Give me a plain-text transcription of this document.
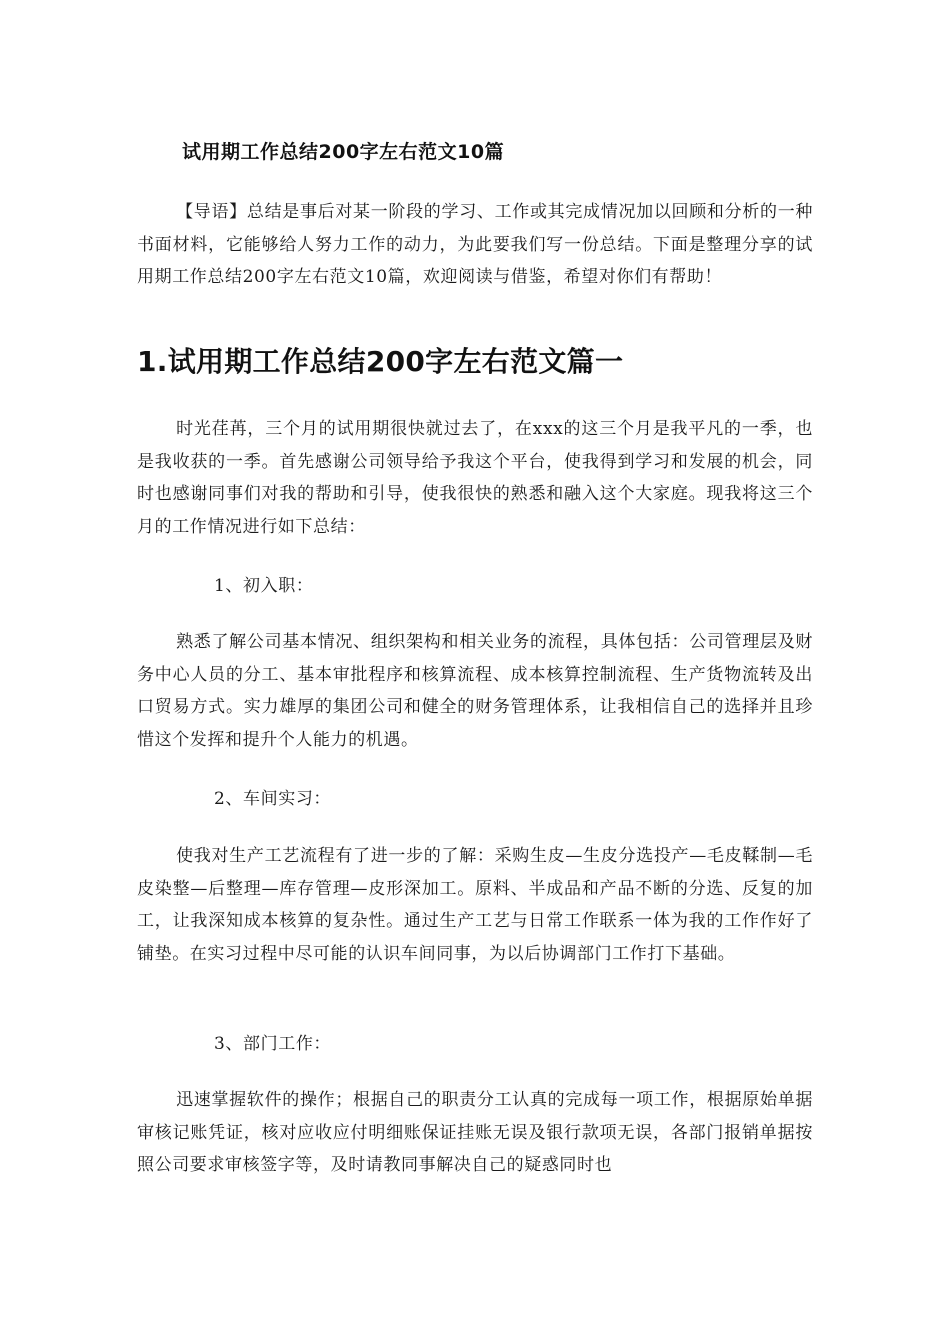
试用期工作总结200字左右范文10篇

【导语】总结是事后对某一阶段的学习、工作或其完成情况加以回顾和分析的一种书面材料，它能够给人努力工作的动力，为此要我们写一份总结。下面是整理分享的试用期工作总结200字左右范文10篇，欢迎阅读与借鉴，希望对你们有帮助！

1.试用期工作总结200字左右范文篇一

时光荏苒，三个月的试用期很快就过去了，在xxx的这三个月是我平凡的一季，也是我收获的一季。首先感谢公司领导给予我这个平台，使我得到学习和发展的机会，同时也感谢同事们对我的帮助和引导，使我很快的熟悉和融入这个大家庭。现我将这三个月的工作情况进行如下总结：

1、初入职：

熟悉了解公司基本情况、组织架构和相关业务的流程，具体包括：公司管理层及财务中心人员的分工、基本审批程序和核算流程、成本核算控制流程、生产货物流转及出口贸易方式。实力雄厚的集团公司和健全的财务管理体系，让我相信自己的选择并且珍惜这个发挥和提升个人能力的机遇。

2、车间实习：

使我对生产工艺流程有了进一步的了解：采购生皮—生皮分选投产—毛皮鞣制—毛皮染整—后整理—库存管理—皮形深加工。原料、半成品和产品不断的分选、反复的加工，让我深知成本核算的复杂性。通过生产工艺与日常工作联系一体为我的工作作好了铺垫。在实习过程中尽可能的认识车间同事，为以后协调部门工作打下基础。

3、部门工作：

迅速掌握软件的操作；根据自己的职责分工认真的完成每一项工作，根据原始单据审核记账凭证，核对应收应付明细账保证挂账无误及银行款项无误，各部门报销单据按照公司要求审核签字等，及时请教同事解决自己的疑惑同时也
